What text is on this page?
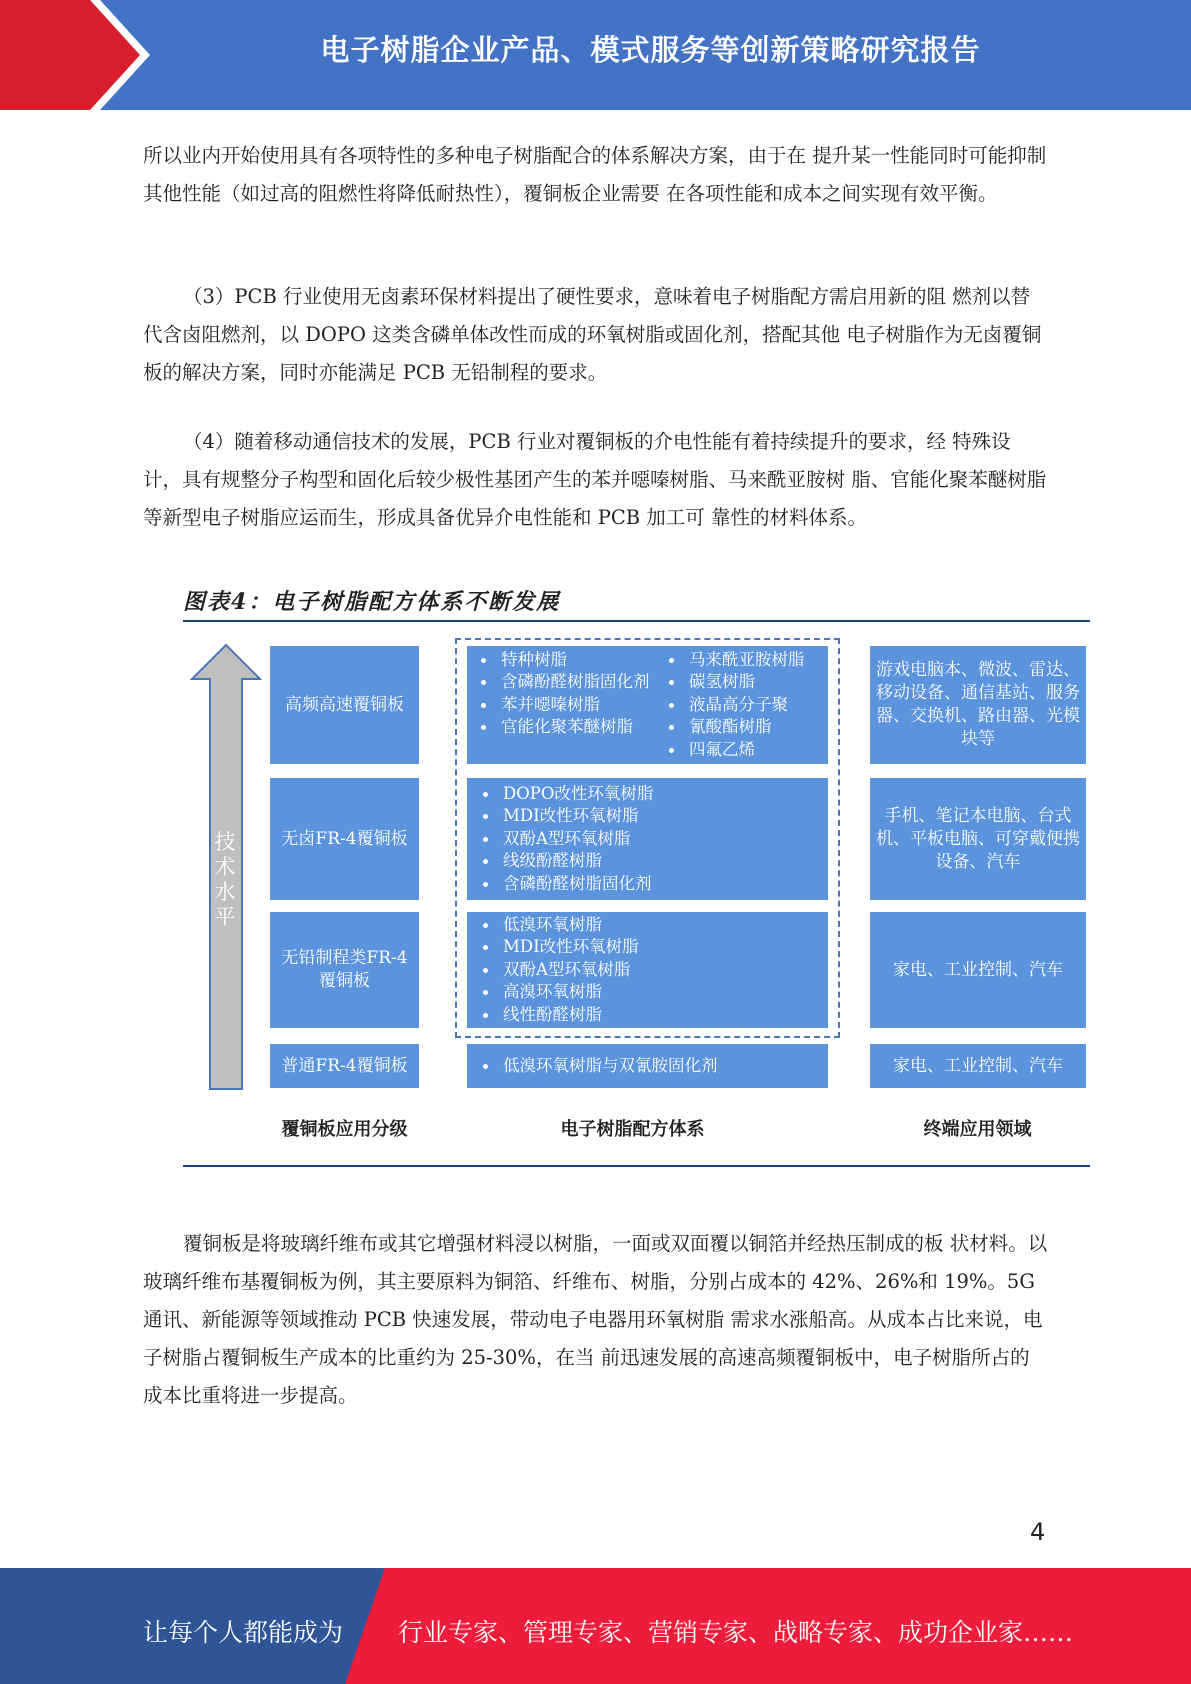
电子树脂企业产品、模式服务等创新策略研究报告

所以业内开始使用具有各项特性的多种电子树脂配合的体系解决方案，由于在 提升某一性能同时可能抑制其他性能（如过高的阻燃性将降低耐热性），覆铜板企业需要 在各项性能和成本之间实现有效平衡。

（3）PCB 行业使用无卤素环保材料提出了硬性要求，意味着电子树脂配方需启用新的阻 燃剂以替代含卤阻燃剂，以 DOPO 这类含磷单体改性而成的环氧树脂或固化剂，搭配其他 电子树脂作为无卤覆铜板的解决方案，同时亦能满足 PCB 无铅制程的要求。

（4）随着移动通信技术的发展，PCB 行业对覆铜板的介电性能有着持续提升的要求，经 特殊设计，具有规整分子构型和固化后较少极性基团产生的苯并噁嗪树脂、马来酰亚胺树 脂、官能化聚苯醚树脂等新型电子树脂应运而生，形成具备优异介电性能和 PCB 加工可 靠性的材料体系。

图表4：电子树脂配方体系不断发展
技术水平
高频高速覆铜板
无卤FR-4覆铜板
无铅制程类FR-4覆铜板
普通FR-4覆铜板
特种树脂
含磷酚醛树脂固化剂
苯并噁嗪树脂
官能化聚苯醚树脂
马来酰亚胺树脂
碳氢树脂
液晶高分子聚
氰酸酯树脂
四氟乙烯
DOPO改性环氧树脂
MDI改性环氧树脂
双酚A型环氧树脂
线级酚醛树脂
含磷酚醛树脂固化剂
低溴环氧树脂
MDI改性环氧树脂
双酚A型环氧树脂
高溴环氧树脂
线性酚醛树脂
低溴环氧树脂与双氰胺固化剂
游戏电脑本、微波、雷达、移动设备、通信基站、服务器、交换机、路由器、光模块等
手机、笔记本电脑、台式机、平板电脑、可穿戴便携设备、汽车
家电、工业控制、汽车
家电、工业控制、汽车
覆铜板应用分级	电子树脂配方体系	终端应用领域

覆铜板是将玻璃纤维布或其它增强材料浸以树脂，一面或双面覆以铜箔并经热压制成的板 状材料。以玻璃纤维布基覆铜板为例，其主要原料为铜箔、纤维布、树脂，分别占成本的 42%、26%和 19%。5G 通讯、新能源等领域推动 PCB 快速发展，带动电子电器用环氧树脂 需求水涨船高。从成本占比来说，电子树脂占覆铜板生产成本的比重约为 25-30%，在当 前迅速发展的高速高频覆铜板中，电子树脂所占的成本比重将进一步提高。

4
让每个人都能成为 行业专家、管理专家、营销专家、战略专家、成功企业家……
